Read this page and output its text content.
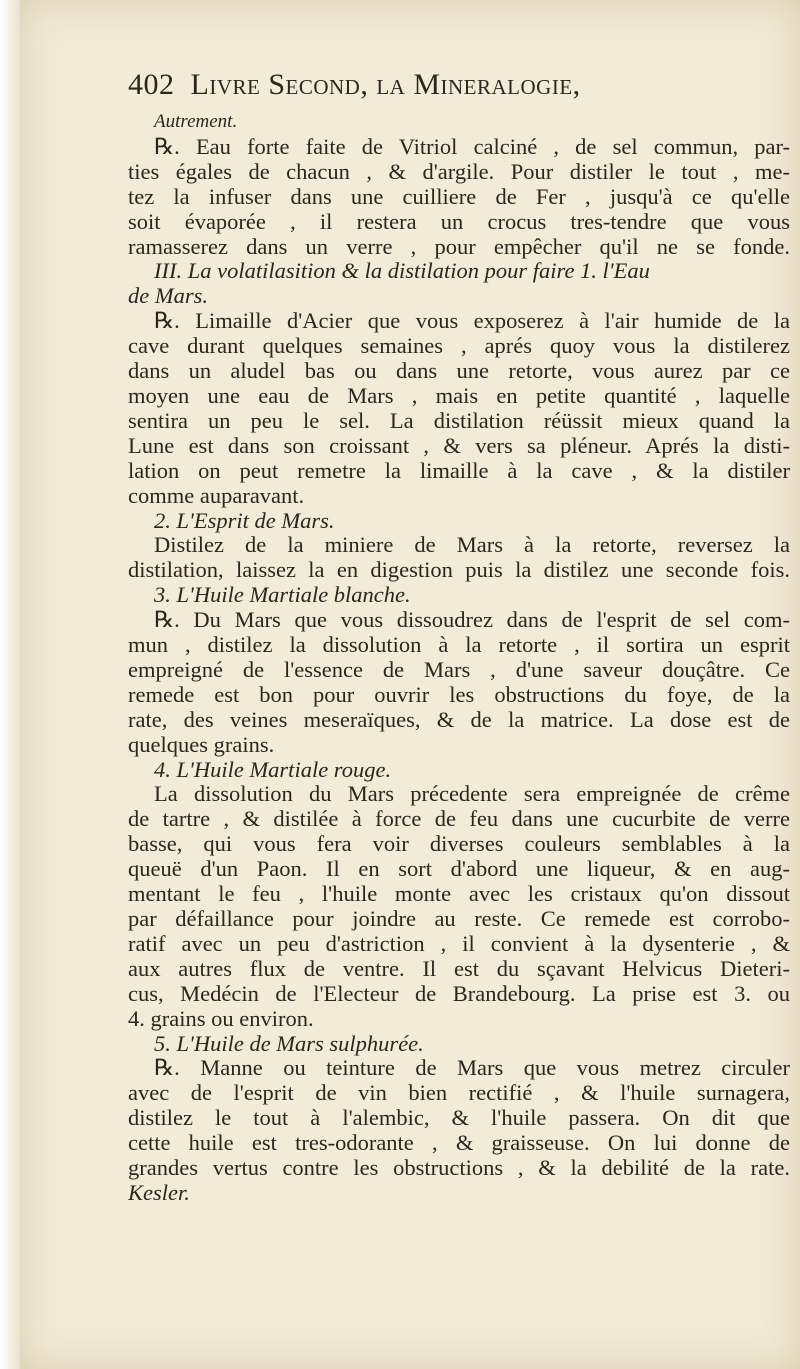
402 Livre Second, la Mineralogie,
Autrement.
℞. Eau forte faite de Vitriol calciné , de sel commun, par-
ties égales de chacun , & d'argile. Pour distiler le tout , me-
tez la infuser dans une cuilliere de Fer , jusqu'à ce qu'elle
soit évaporée , il restera un crocus tres-tendre que vous
ramasserez dans un verre , pour empêcher qu'il ne se fonde.
III. La volatilasition & la distilation pour faire 1. l'Eau
de Mars.
℞. Limaille d'Acier que vous exposerez à l'air humide de la
cave durant quelques semaines , aprés quoy vous la distilerez
dans un aludel bas ou dans une retorte, vous aurez par ce
moyen une eau de Mars , mais en petite quantité , laquelle
sentira un peu le sel. La distilation réüssit mieux quand la
Lune est dans son croissant , & vers sa pléneur. Aprés la disti-
lation on peut remetre la limaille à la cave , & la distiler
comme auparavant.
2. L'Esprit de Mars.
Distilez de la miniere de Mars à la retorte, reversez la
distilation, laissez la en digestion puis la distilez une seconde fois.
3. L'Huile Martiale blanche.
℞. Du Mars que vous dissoudrez dans de l'esprit de sel com-
mun , distilez la dissolution à la retorte , il sortira un esprit
empreigné de l'essence de Mars , d'une saveur douçâtre. Ce
remede est bon pour ouvrir les obstructions du foye, de la
rate, des veines meseraïques, & de la matrice. La dose est de
quelques grains.
4. L'Huile Martiale rouge.
La dissolution du Mars précedente sera empreignée de crême
de tartre , & distilée à force de feu dans une cucurbite de verre
basse, qui vous fera voir diverses couleurs semblables à la
queuë d'un Paon. Il en sort d'abord une liqueur, & en aug-
mentant le feu , l'huile monte avec les cristaux qu'on dissout
par défaillance pour joindre au reste. Ce remede est corrobo-
ratif avec un peu d'astriction , il convient à la dysenterie , &
aux autres flux de ventre. Il est du sçavant Helvicus Dieteri-
cus, Medécin de l'Electeur de Brandebourg. La prise est 3. ou
4. grains ou environ.
5. L'Huile de Mars sulphurée.
℞. Manne ou teinture de Mars que vous metrez circuler
avec de l'esprit de vin bien rectifié , & l'huile surnagera,
distilez le tout à l'alembic, & l'huile passera. On dit que
cette huile est tres-odorante , & graisseuse. On lui donne de
grandes vertus contre les obstructions , & la debilité de la rate.
Kesler.
